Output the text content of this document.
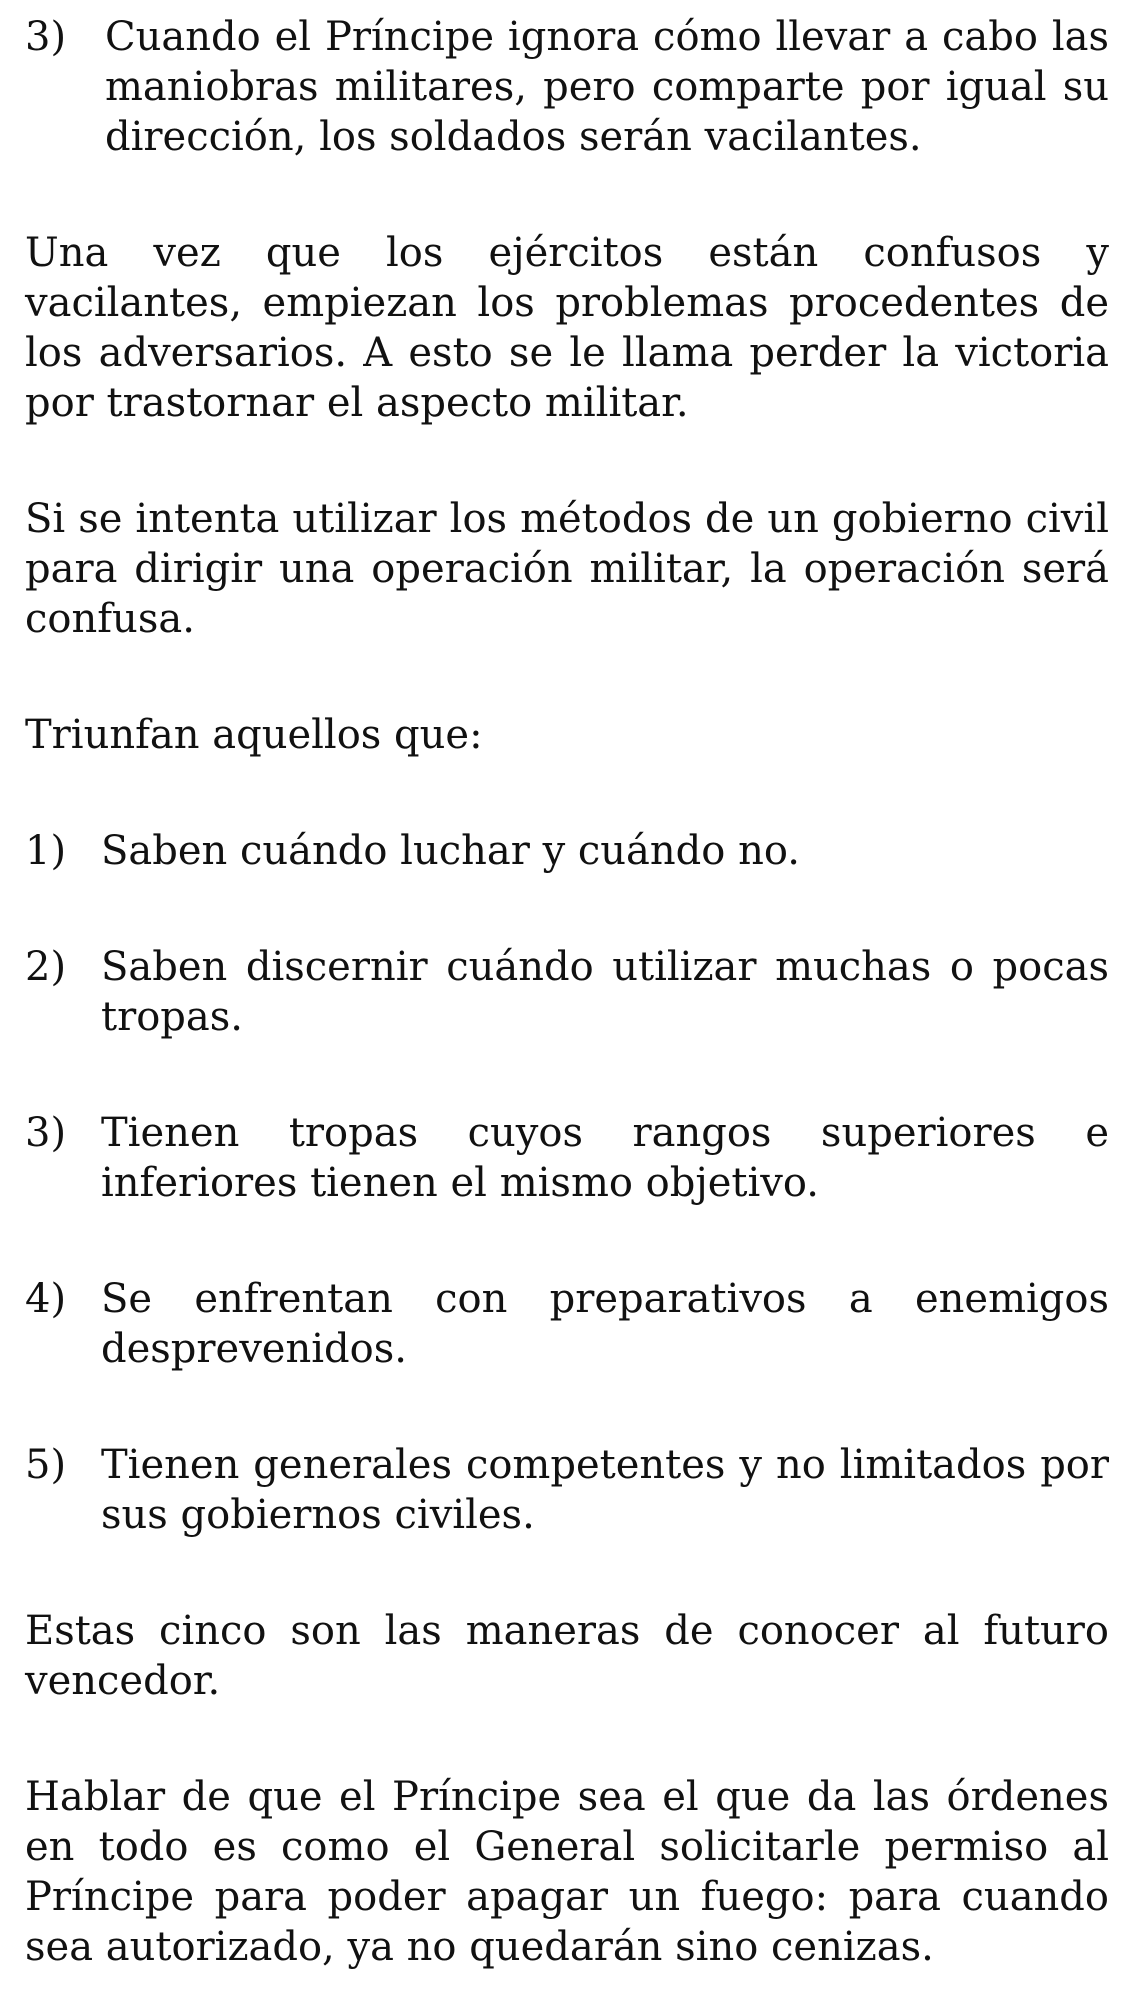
3) Cuando el Príncipe ignora cómo llevar a cabo las maniobras militares, pero comparte por igual su dirección, los soldados serán vacilantes.

Una vez que los ejércitos están confusos y vacilantes, empiezan los problemas procedentes de los adversarios. A esto se le llama perder la victoria por trastornar el aspecto militar.

Si se intenta utilizar los métodos de un gobierno civil para dirigir una operación militar, la operación será confusa.

Triunfan aquellos que:

1) Saben cuándo luchar y cuándo no.
2) Saben discernir cuándo utilizar muchas o pocas tropas.
3) Tienen tropas cuyos rangos superiores e inferiores tienen el mismo objetivo.
4) Se enfrentan con preparativos a enemigos desprevenidos.
5) Tienen generales competentes y no limitados por sus gobiernos civiles.

Estas cinco son las maneras de conocer al futuro vencedor.

Hablar de que el Príncipe sea el que da las órdenes en todo es como el General solicitarle permiso al Príncipe para poder apagar un fuego: para cuando sea autorizado, ya no quedarán sino cenizas.
